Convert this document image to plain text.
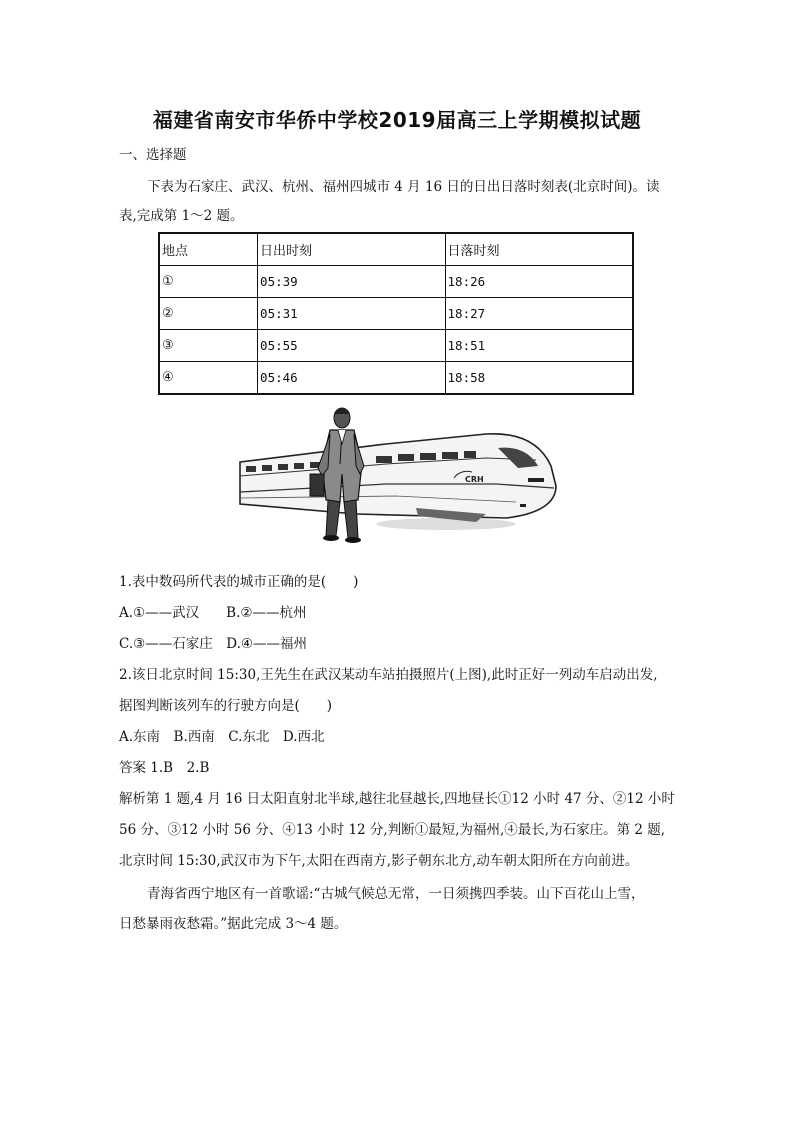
福建省南安市华侨中学校2019届高三上学期模拟试题
一、选择题
下表为石家庄、武汉、杭州、福州四城市 4 月 16 日的日出日落时刻表(北京时间)。读
表,完成第 1～2 题。
地点	日出时刻	日落时刻
①	05:39	18:26
②	05:31	18:27
③	05:55	18:51
④	05:46	18:58
CRH
1.表中数码所代表的城市正确的是(　　)
A.①——武汉　　B.②——杭州
C.③——石家庄　D.④——福州
2.该日北京时间 15:30,王先生在武汉某动车站拍摄照片(上图),此时正好一列动车启动出发,
据图判断该列车的行驶方向是(　　)
A.东南　B.西南　C.东北　D.西北
答案 1.B　2.B
解析第 1 题,4 月 16 日太阳直射北半球,越往北昼越长,四地昼长①12 小时 47 分、②12 小时
56 分、③12 小时 56 分、④13 小时 12 分,判断①最短,为福州,④最长,为石家庄。第 2 题,
北京时间 15:30,武汉市为下午,太阳在西南方,影子朝东北方,动车朝太阳所在方向前进。
青海省西宁地区有一首歌谣:“古城气候总无常，一日须携四季装。山下百花山上雪，
日愁暴雨夜愁霜。”据此完成 3～4 题。
